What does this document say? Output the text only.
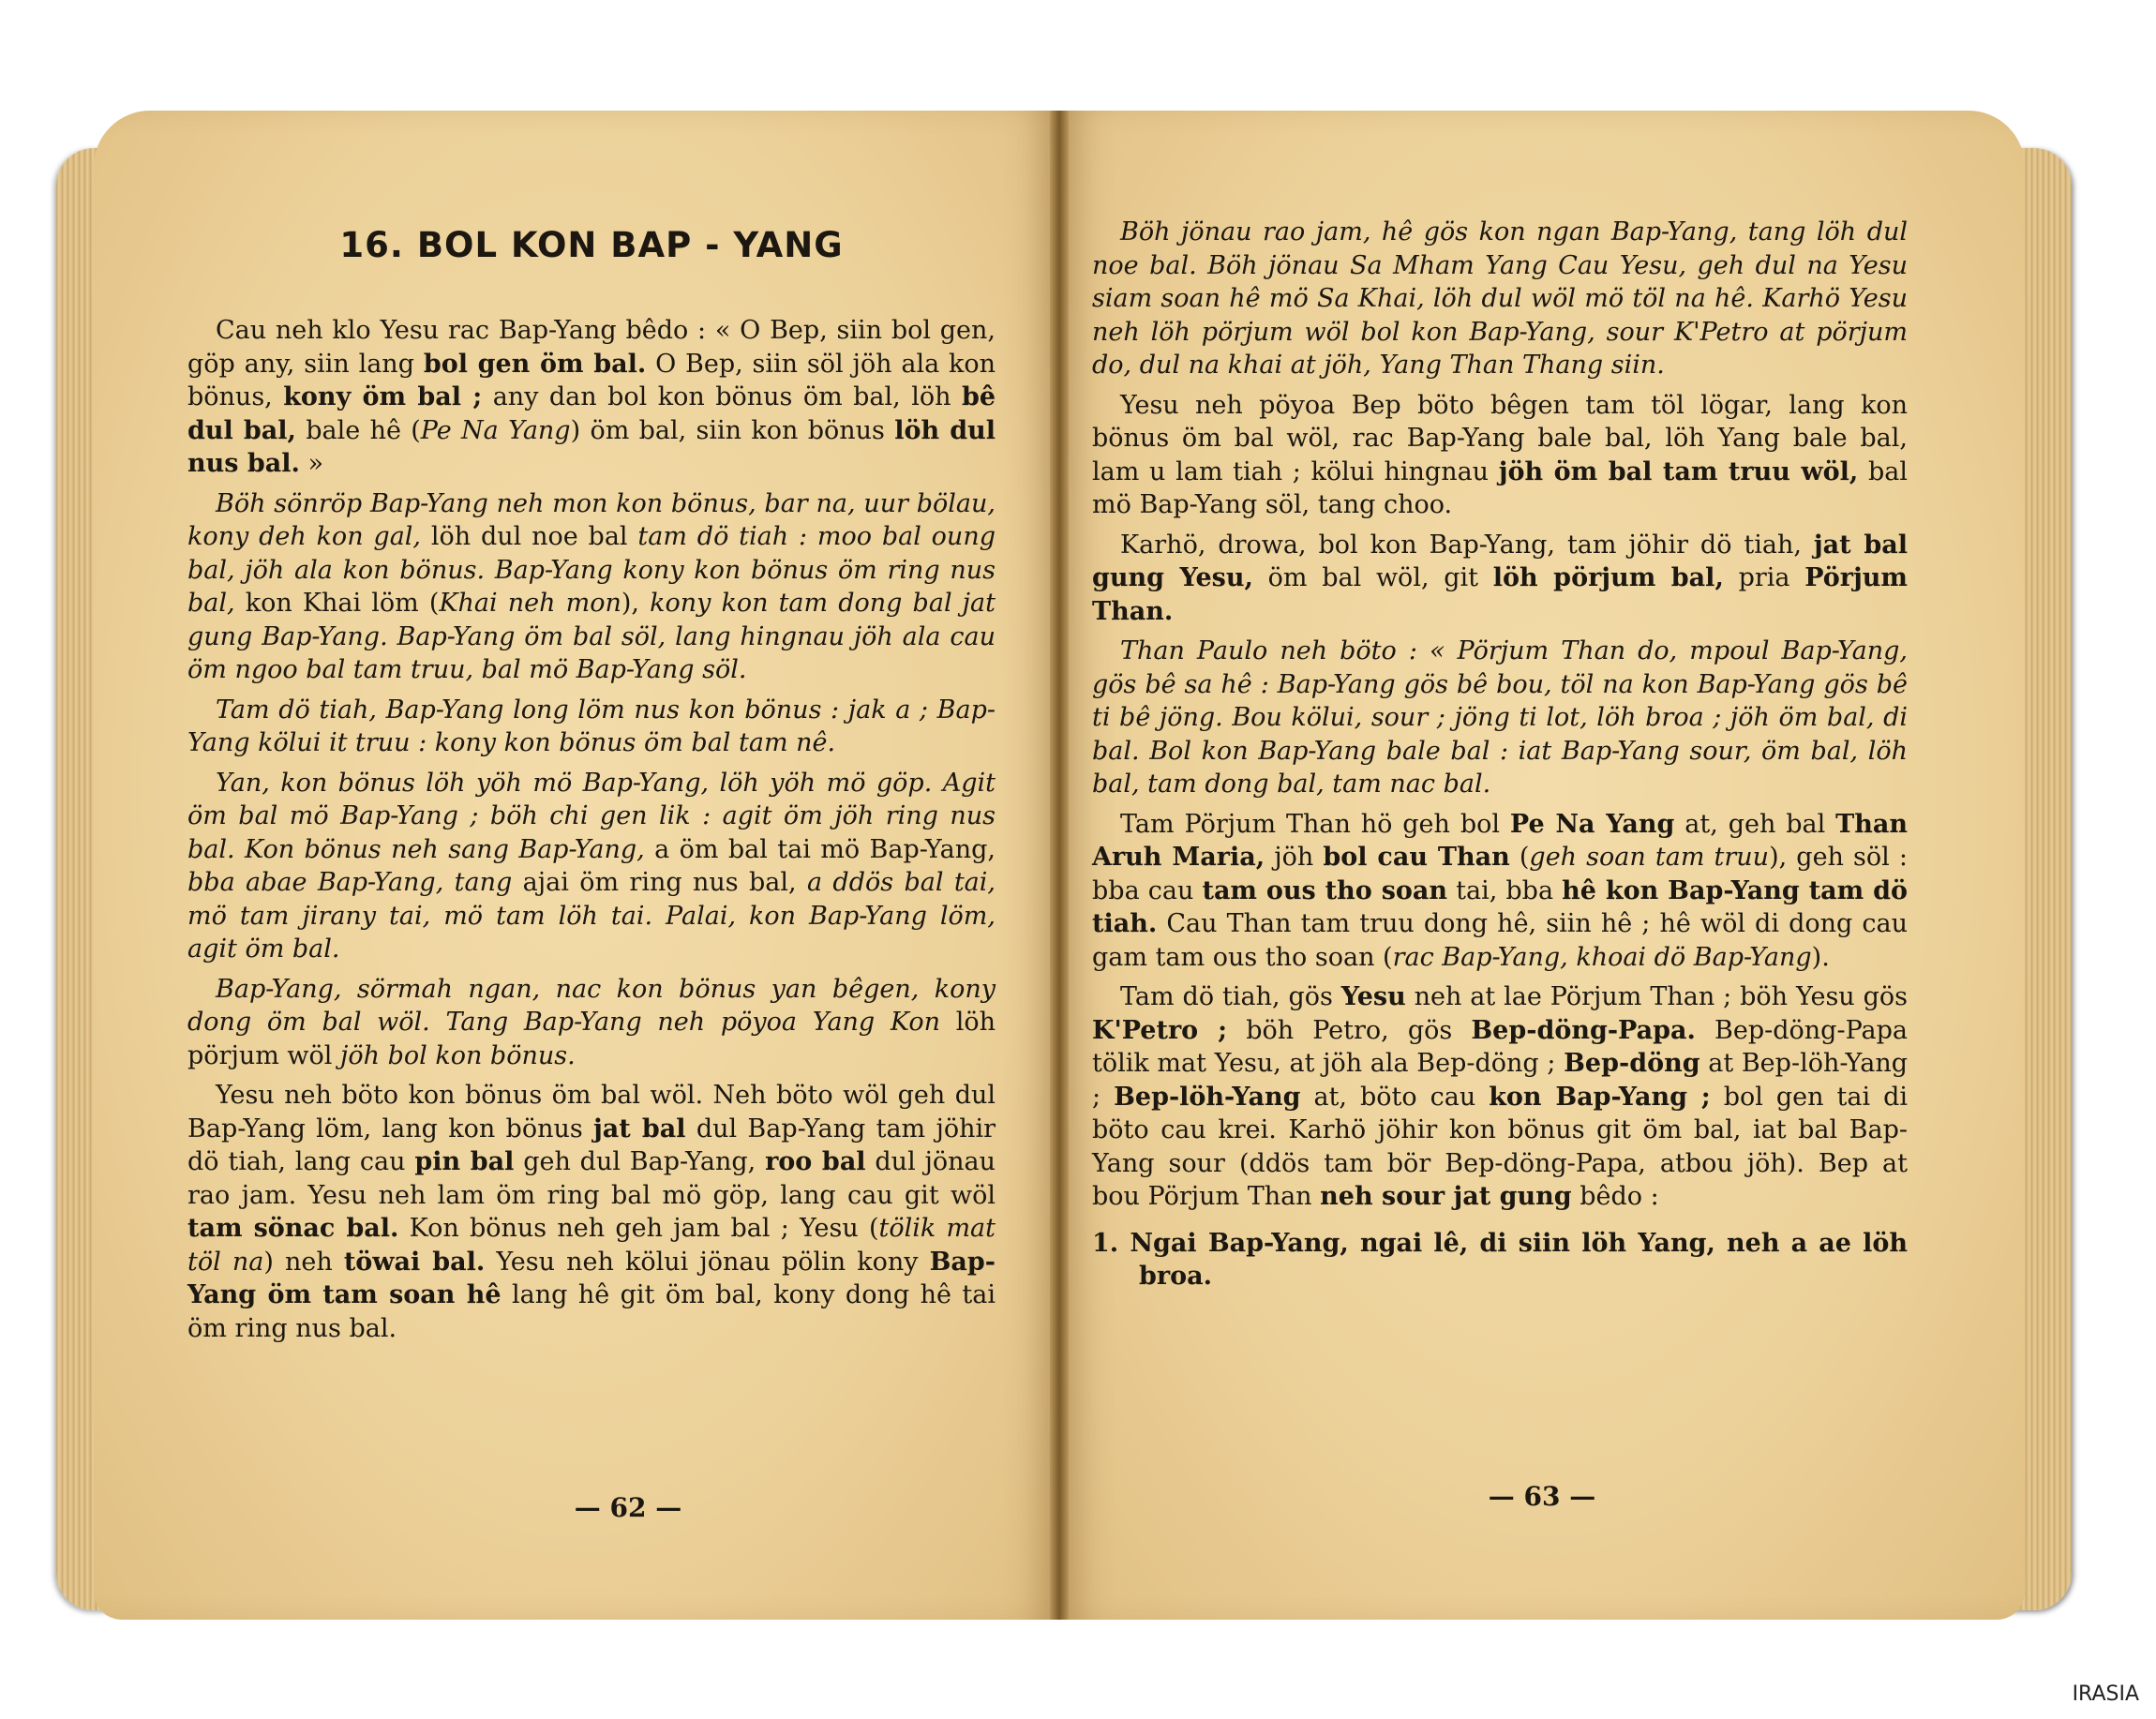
16. BOL KON BAP - YANG

Cau neh klo Yesu rac Bap-Yang bêdo : « O Bep, siin bol gen, göp any, siin lang bol gen öm bal. O Bep, siin söl jöh ala kon bönus, kony öm bal ; any dan bol kon bönus öm bal, löh bê dul bal, bale hê (Pe Na Yang) öm bal, siin kon bönus löh dul nus bal. »

Böh sönröp Bap-Yang neh mon kon bönus, bar na, uur bölau, kony deh kon gal, löh dul noe bal tam dö tiah : moo bal oung bal, jöh ala kon bönus. Bap-Yang kony kon bönus öm ring nus bal, kon Khai löm (Khai neh mon), kony kon tam dong bal jat gung Bap-Yang. Bap-Yang öm bal söl, lang hingnau jöh ala cau öm ngoo bal tam truu, bal mö Bap-Yang söl.

Tam dö tiah, Bap-Yang long löm nus kon bönus : jak a ; Bap-Yang kölui it truu : kony kon bönus öm bal tam nê.

Yan, kon bönus löh yöh mö Bap-Yang, löh yöh mö göp. Agit öm bal mö Bap-Yang ; böh chi gen lik : agit öm jöh ring nus bal. Kon bönus neh sang Bap-Yang, a öm bal tai mö Bap-Yang, bba abae Bap-Yang, tang ajai öm ring nus bal, a ddös bal tai, mö tam jirany tai, mö tam löh tai. Palai, kon Bap-Yang löm, agit öm bal.

Bap-Yang, sörmah ngan, nac kon bönus yan bêgen, kony dong öm bal wöl. Tang Bap-Yang neh pöyoa Yang Kon löh pörjum wöl jöh bol kon bönus.

Yesu neh böto kon bönus öm bal wöl. Neh böto wöl geh dul Bap-Yang löm, lang kon bönus jat bal dul Bap-Yang tam jöhir dö tiah, lang cau pin bal geh dul Bap-Yang, roo bal dul jönau rao jam. Yesu neh lam öm ring bal mö göp, lang cau git wöl tam sönac bal. Kon bönus neh geh jam bal ; Yesu (tölik mat töl na) neh töwai bal. Yesu neh kölui jönau pölin kony Bap-Yang öm tam soan hê lang hê git öm bal, kony dong hê tai öm ring nus bal.

— 62 —

Böh jönau rao jam, hê gös kon ngan Bap-Yang, tang löh dul noe bal. Böh jönau Sa Mham Yang Cau Yesu, geh dul na Yesu siam soan hê mö Sa Khai, löh dul wöl mö töl na hê. Karhö Yesu neh löh pörjum wöl bol kon Bap-Yang, sour K'Petro at pörjum do, dul na khai at jöh, Yang Than Thang siin.

Yesu neh pöyoa Bep böto bêgen tam töl lögar, lang kon bönus öm bal wöl, rac Bap-Yang bale bal, löh Yang bale bal, lam u lam tiah ; kölui hingnau jöh öm bal tam truu wöl, bal mö Bap-Yang söl, tang choo.

Karhö, drowa, bol kon Bap-Yang, tam jöhir dö tiah, jat bal gung Yesu, öm bal wöl, git löh pörjum bal, pria Pörjum Than.

Than Paulo neh böto : « Pörjum Than do, mpoul Bap-Yang, gös bê sa hê : Bap-Yang gös bê bou, töl na kon Bap-Yang gös bê ti bê jöng. Bou kölui, sour ; jöng ti lot, löh broa ; jöh öm bal, di bal. Bol kon Bap-Yang bale bal : iat Bap-Yang sour, öm bal, löh bal, tam dong bal, tam nac bal.

Tam Pörjum Than hö geh bol Pe Na Yang at, geh bal Than Aruh Maria, jöh bol cau Than (geh soan tam truu), geh söl : bba cau tam ous tho soan tai, bba hê kon Bap-Yang tam dö tiah. Cau Than tam truu dong hê, siin hê ; hê wöl di dong cau gam tam ous tho soan (rac Bap-Yang, khoai dö Bap-Yang).

Tam dö tiah, gös Yesu neh at lae Pörjum Than ; böh Yesu gös K'Petro ; böh Petro, gös Bep-döng-Papa. Bep-döng-Papa tölik mat Yesu, at jöh ala Bep-döng ; Bep-döng at Bep-löh-Yang ; Bep-löh-Yang at, böto cau kon Bap-Yang ; bol gen tai di böto cau krei. Karhö jöhir kon bönus git öm bal, iat bal Bap-Yang sour (ddös tam bör Bep-döng-Papa, atbou jöh). Bep at bou Pörjum Than neh sour jat gung bêdo :

1. Ngai Bap-Yang, ngai lê, di siin löh Yang, neh a ae löh broa.

— 63 —
IRASIA
